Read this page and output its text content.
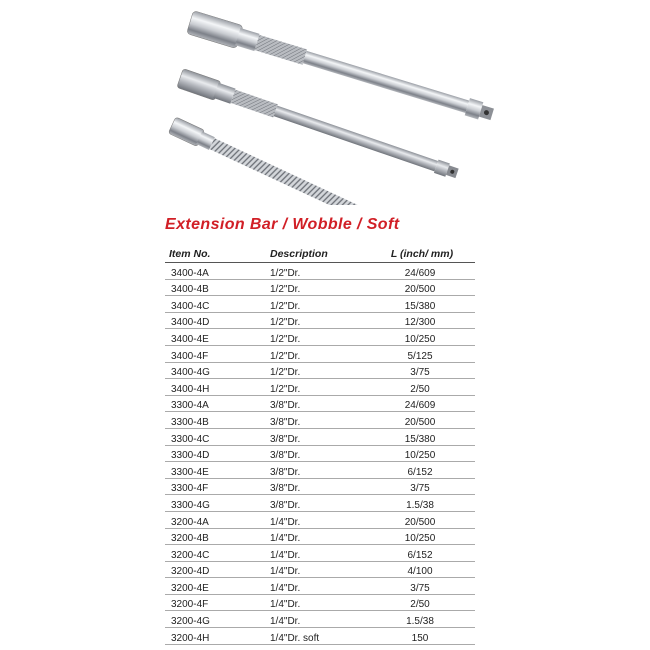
Extension Bar / Wobble / Soft
Item No.	Description	L (inch/ mm)
3400-4A	1/2"Dr.	24/609
3400-4B	1/2"Dr.	20/500
3400-4C	1/2"Dr.	15/380
3400-4D	1/2"Dr.	12/300
3400-4E	1/2"Dr.	10/250
3400-4F	1/2"Dr.	5/125
3400-4G	1/2"Dr.	3/75
3400-4H	1/2"Dr.	2/50
3300-4A	3/8"Dr.	24/609
3300-4B	3/8"Dr.	20/500
3300-4C	3/8"Dr.	15/380
3300-4D	3/8"Dr.	10/250
3300-4E	3/8"Dr.	6/152
3300-4F	3/8"Dr.	3/75
3300-4G	3/8"Dr.	1.5/38
3200-4A	1/4"Dr.	20/500
3200-4B	1/4"Dr.	10/250
3200-4C	1/4"Dr.	6/152
3200-4D	1/4"Dr.	4/100
3200-4E	1/4"Dr.	3/75
3200-4F	1/4"Dr.	2/50
3200-4G	1/4"Dr.	1.5/38
3200-4H	1/4"Dr. soft	150
